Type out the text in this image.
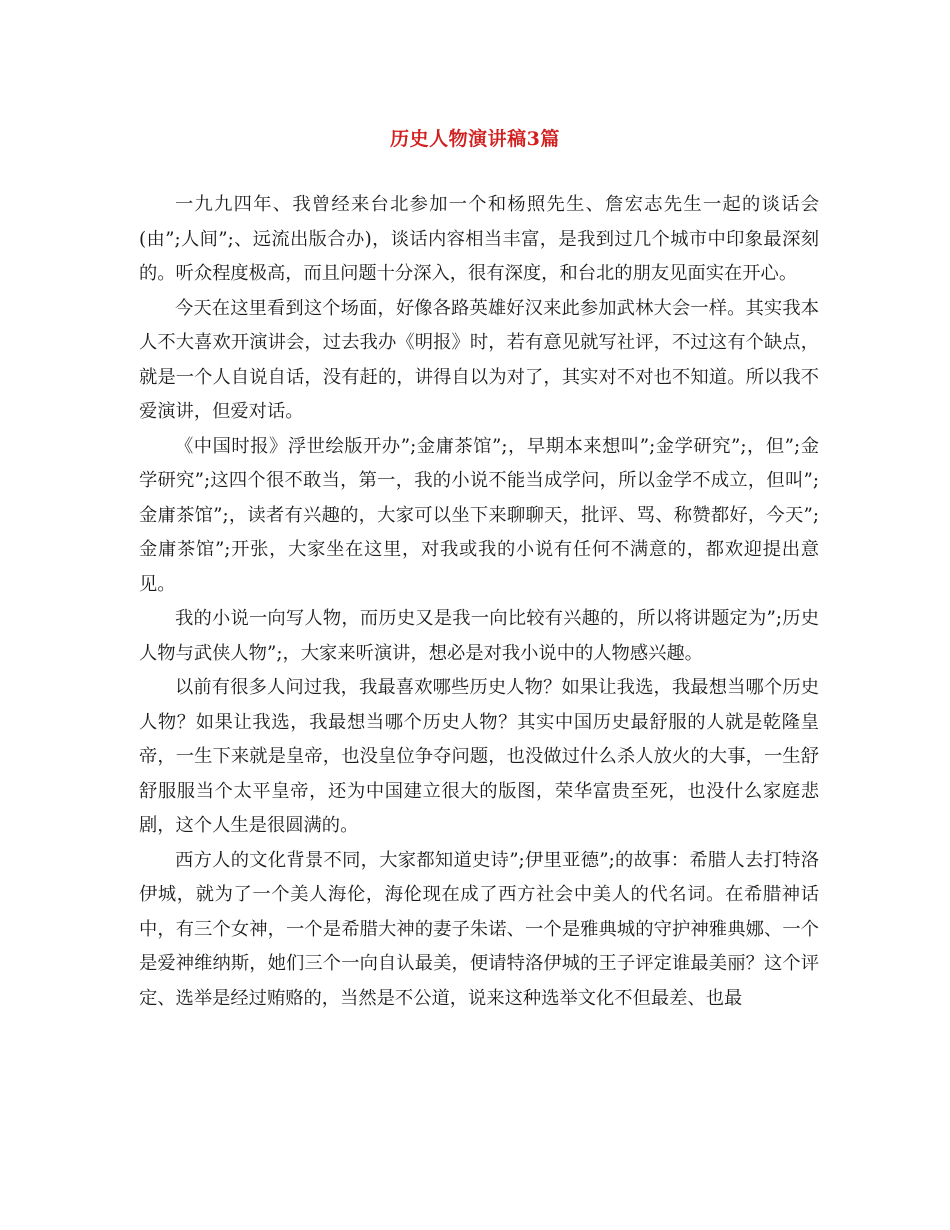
历史人物演讲稿3篇

一九九四年、我曾经来台北参加一个和杨照先生、詹宏志先生一起的谈话会(由”;人间”;、远流出版合办)，谈话内容相当丰富，是我到过几个城市中印象最深刻的。听众程度极高，而且问题十分深入，很有深度，和台北的朋友见面实在开心。

今天在这里看到这个场面，好像各路英雄好汉来此参加武林大会一样。其实我本人不大喜欢开演讲会，过去我办《明报》时，若有意见就写社评，不过这有个缺点，就是一个人自说自话，没有赶的，讲得自以为对了，其实对不对也不知道。所以我不爱演讲，但爱对话。

《中国时报》浮世绘版开办”;金庸茶馆”;，早期本来想叫”;金学研究”;，但”;金学研究”;这四个很不敢当，第一，我的小说不能当成学问，所以金学不成立，但叫”;金庸茶馆”;，读者有兴趣的，大家可以坐下来聊聊天，批评、骂、称赞都好，今天”;金庸茶馆”;开张，大家坐在这里，对我或我的小说有任何不满意的，都欢迎提出意见。

我的小说一向写人物，而历史又是我一向比较有兴趣的，所以将讲题定为”;历史人物与武侠人物”;，大家来听演讲，想必是对我小说中的人物感兴趣。

以前有很多人问过我，我最喜欢哪些历史人物？如果让我选，我最想当哪个历史人物？如果让我选，我最想当哪个历史人物？其实中国历史最舒服的人就是乾隆皇帝，一生下来就是皇帝，也没皇位争夺问题，也没做过什么杀人放火的大事，一生舒舒服服当个太平皇帝，还为中国建立很大的版图，荣华富贵至死，也没什么家庭悲剧，这个人生是很圆满的。

西方人的文化背景不同，大家都知道史诗”;伊里亚德”;的故事：希腊人去打特洛伊城，就为了一个美人海伦，海伦现在成了西方社会中美人的代名词。在希腊神话中，有三个女神，一个是希腊大神的妻子朱诺、一个是雅典城的守护神雅典娜、一个是爱神维纳斯，她们三个一向自认最美，便请特洛伊城的王子评定谁最美丽？这个评定、选举是经过贿赂的，当然是不公道，说来这种选举文化不但最差、也最
